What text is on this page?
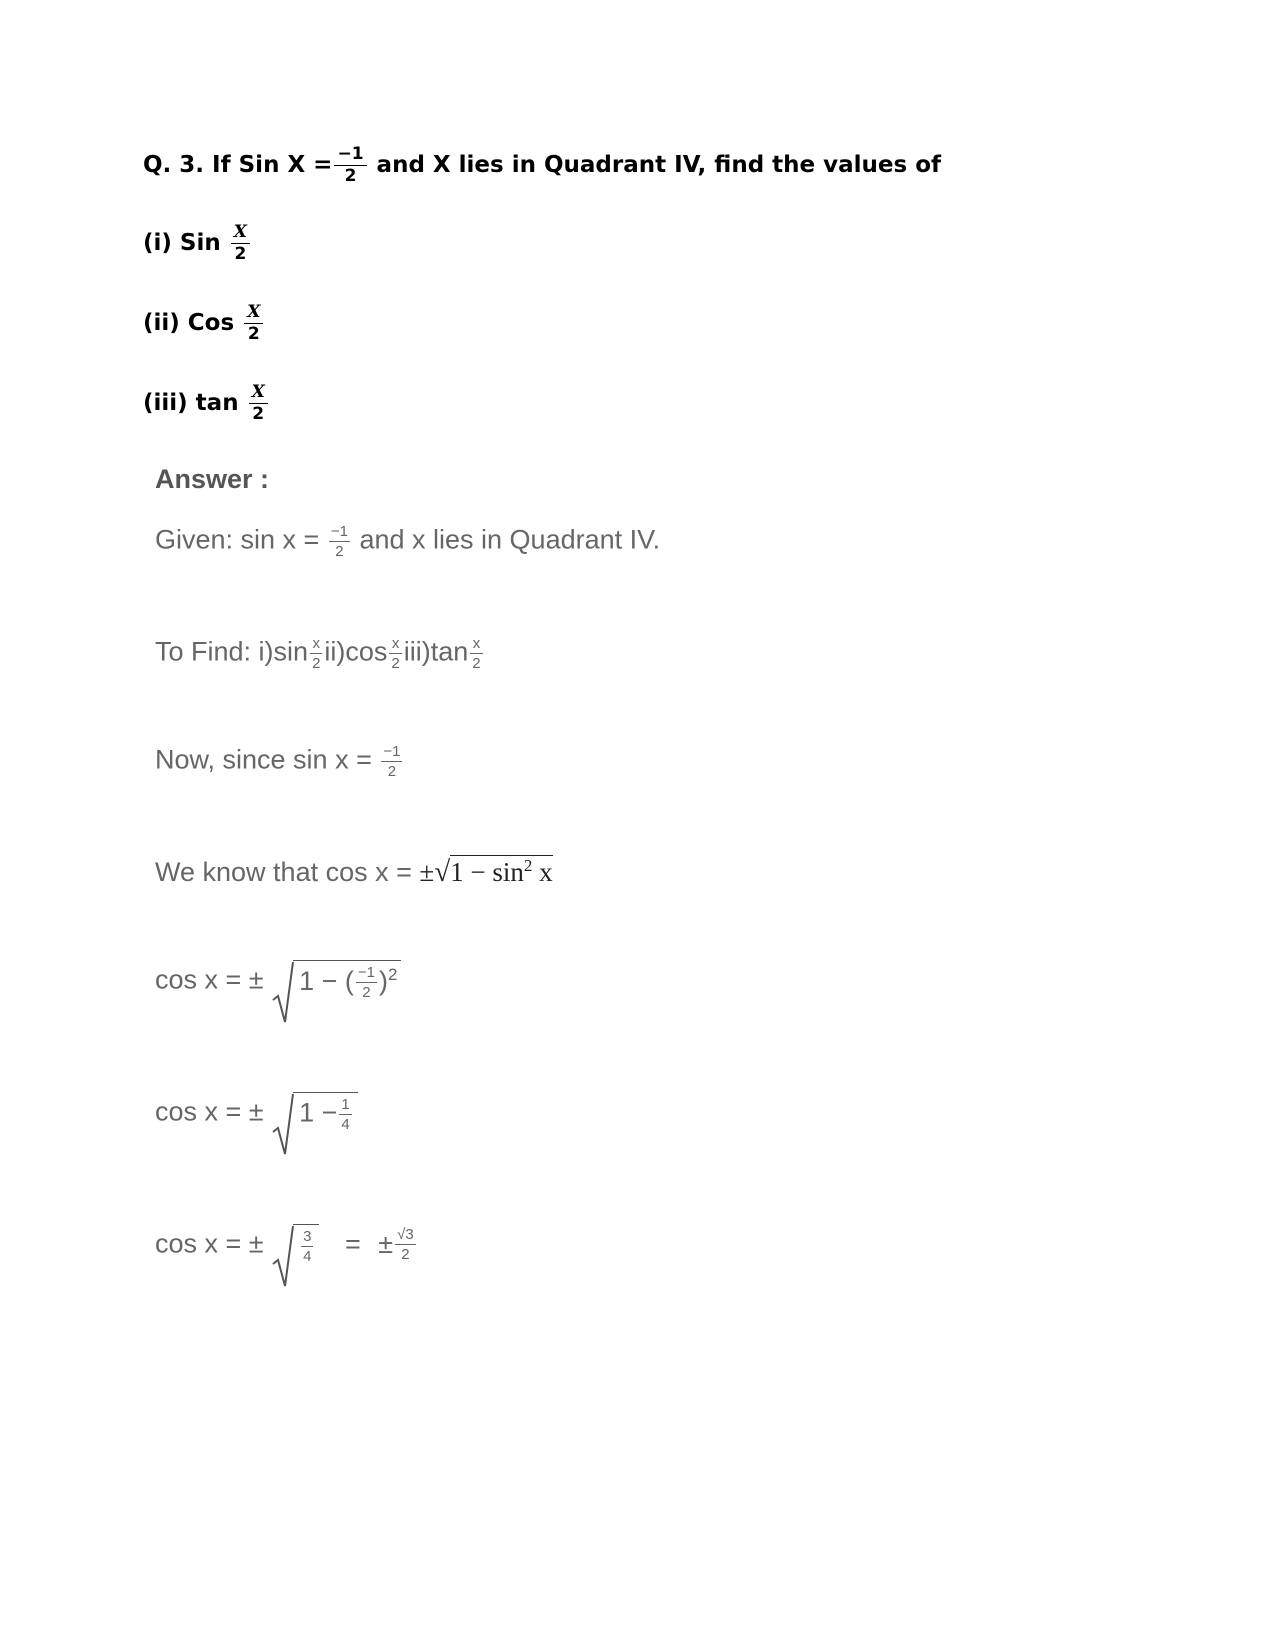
Q. 3. If Sin $X = \frac{-1}{2}$ and X lies in Quadrant IV, find the values of
(i) Sin $\frac{X}{2}$
(ii) Cos $\frac{X}{2}$
(iii) $\tan \frac{X}{2}$
Answer :
Given: $\sin x = \frac{-1}{2}$ and x lies in Quadrant IV.
To Find: $i)\sin \frac{x}{2} ii)\cos \frac{x}{2} iii)\tan \frac{x}{2}$
Now, since $\sin x = \frac{-1}{2}$
We know that $\cos x = \pm√1 - \sin^2 x$
cos x = ± 1 − ( $\frac{-1}{2} )^2$
cos x = ± $1 - \frac{1}{4}$
cos x = ±	$\frac{3}{4}$ = ± $\frac{√3}{2}$
